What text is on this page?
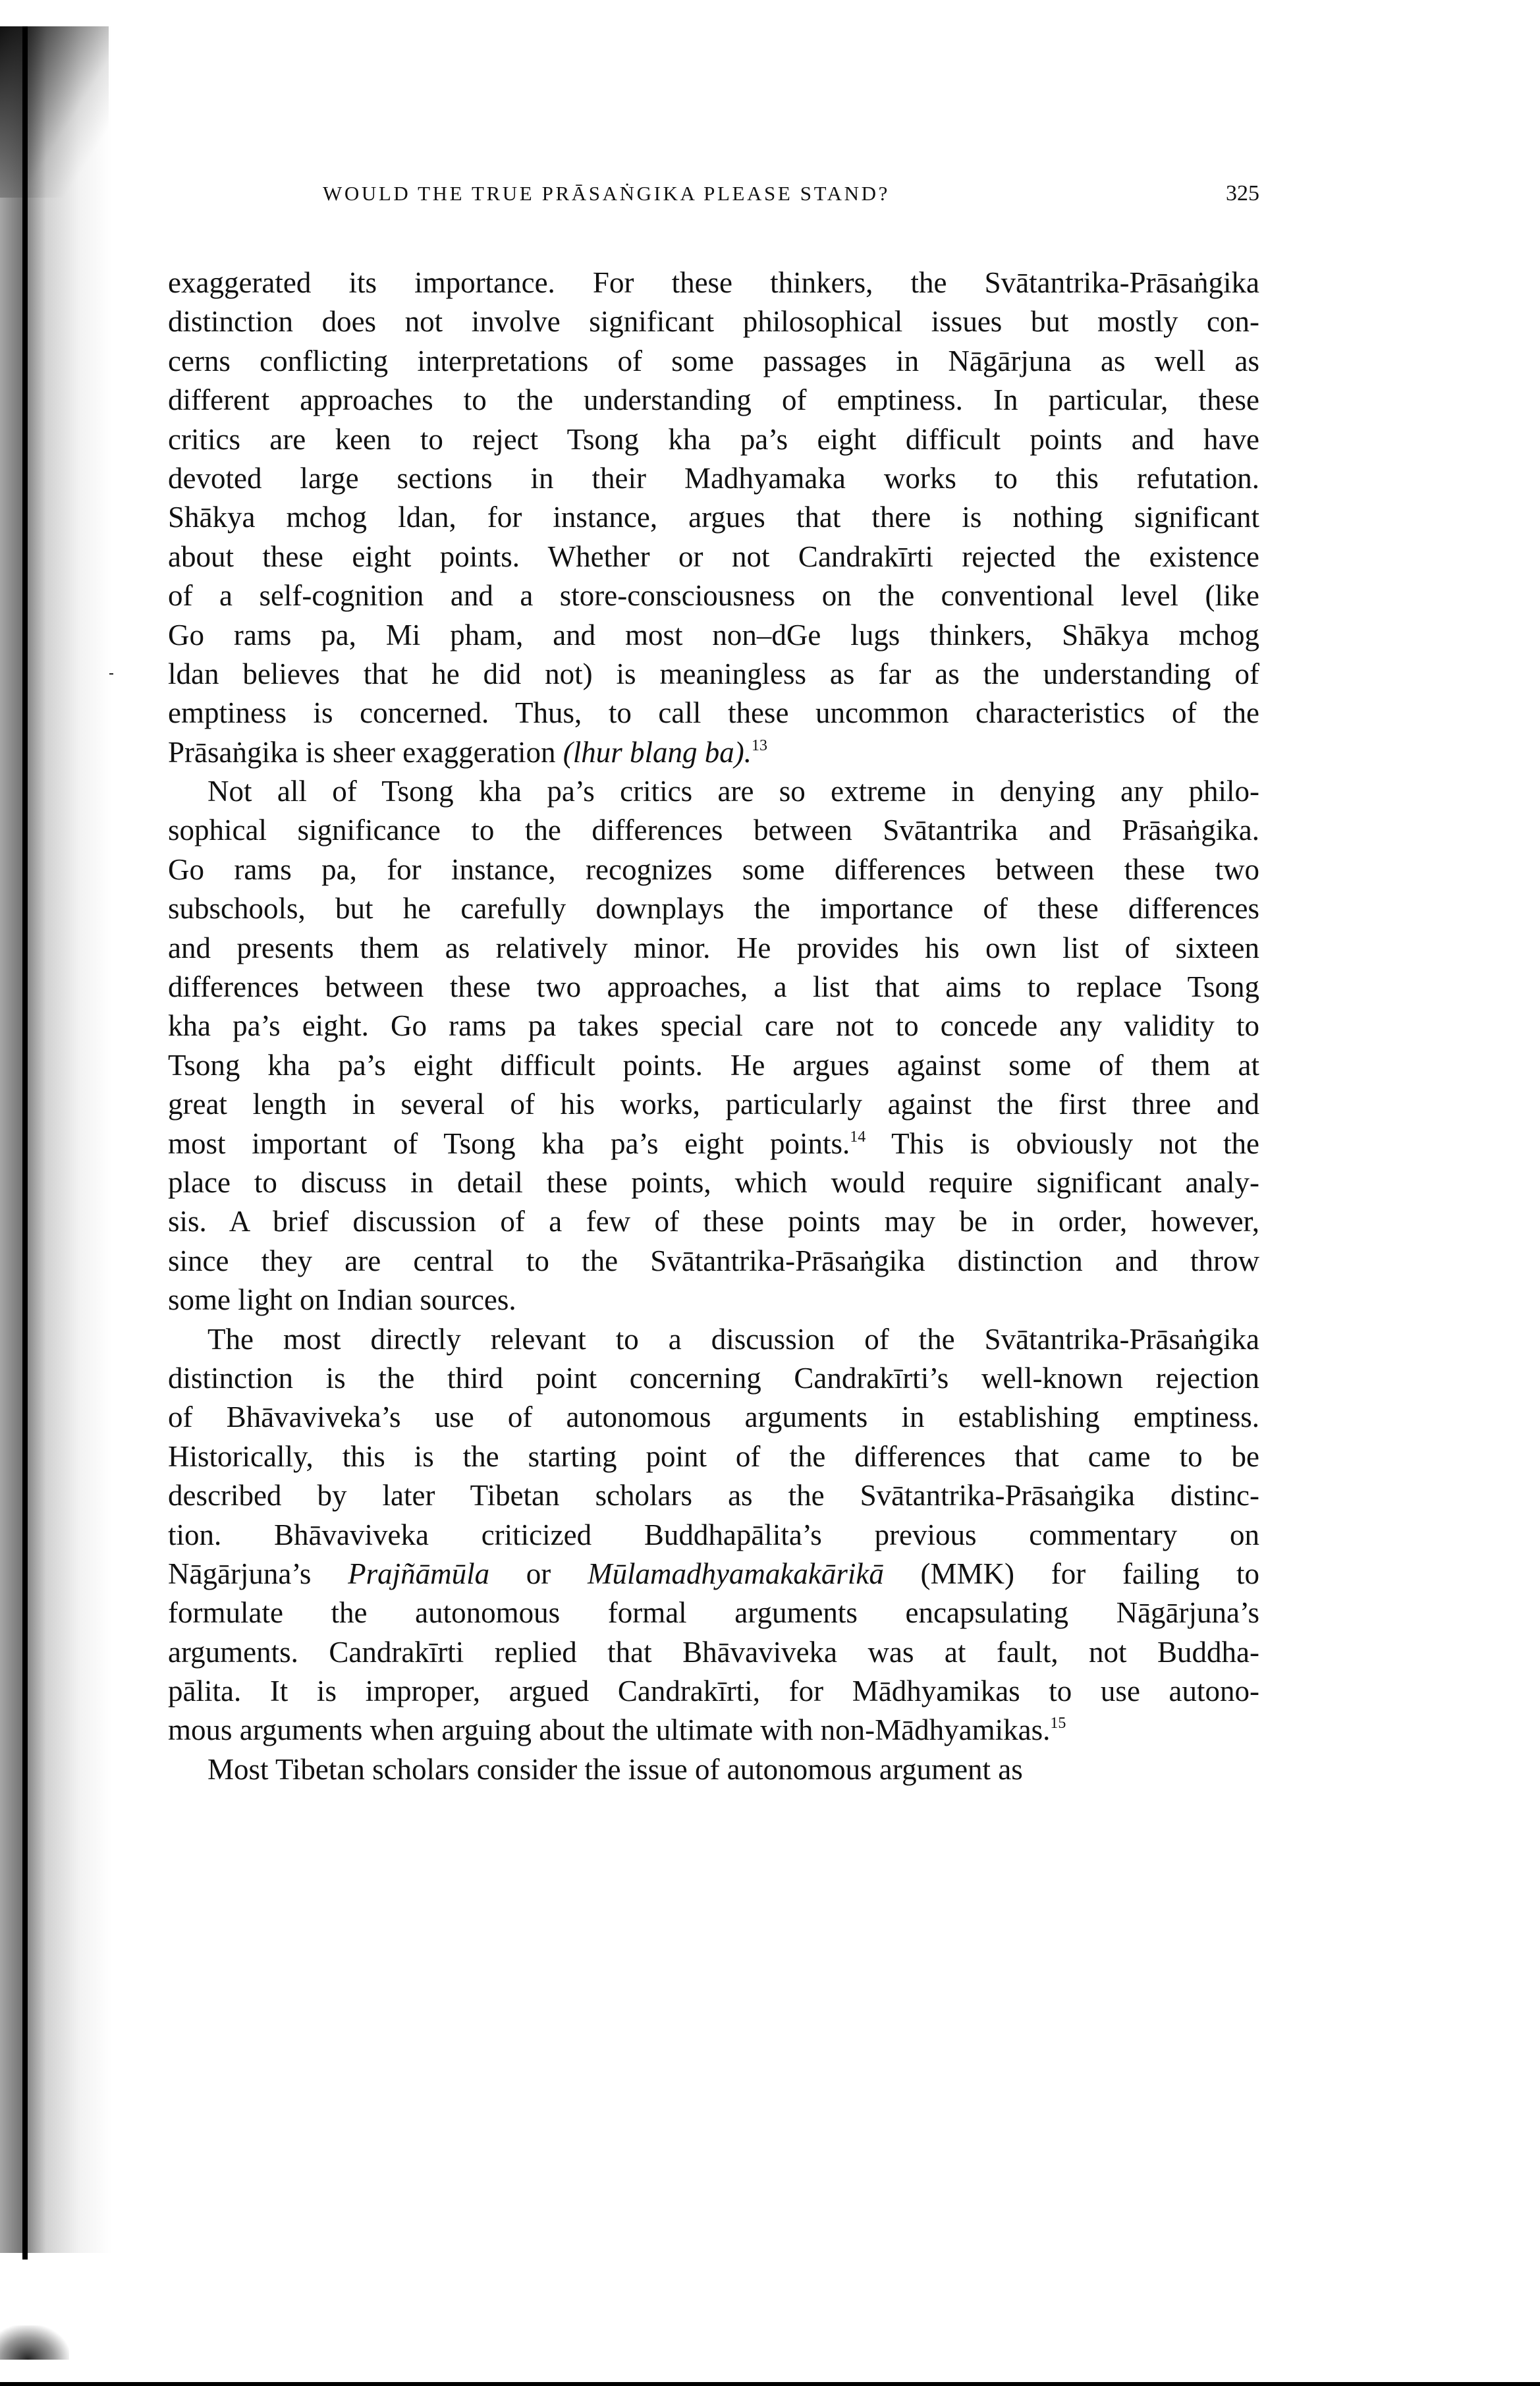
WOULD THE TRUE PRĀSAṄGIKA PLEASE STAND?	325
exaggerated its importance. For these thinkers, the Svātantrika-Prāsaṅgika
distinction does not involve significant philosophical issues but mostly con-
cerns conflicting interpretations of some passages in Nāgārjuna as well as
different approaches to the understanding of emptiness. In particular, these
critics are keen to reject Tsong kha pa’s eight difficult points and have
devoted large sections in their Madhyamaka works to this refutation.
Shākya mchog ldan, for instance, argues that there is nothing significant
about these eight points. Whether or not Candrakīrti rejected the existence
of a self-cognition and a store-consciousness on the conventional level (like
Go rams pa, Mi pham, and most non–dGe lugs thinkers, Shākya mchog
ldan believes that he did not) is meaningless as far as the understanding of
emptiness is concerned. Thus, to call these uncommon characteristics of the
Prāsaṅgika is sheer exaggeration (lhur blang ba).$^{13}$
Not all of Tsong kha pa’s critics are so extreme in denying any philo-
sophical significance to the differences between Svātantrika and Prāsaṅgika.
Go rams pa, for instance, recognizes some differences between these two
subschools, but he carefully downplays the importance of these differences
and presents them as relatively minor. He provides his own list of sixteen
differences between these two approaches, a list that aims to replace Tsong
kha pa’s eight. Go rams pa takes special care not to concede any validity to
Tsong kha pa’s eight difficult points. He argues against some of them at
great length in several of his works, particularly against the first three and
most important of Tsong kha pa’s eight points.$^{14}$ This is obviously not the
place to discuss in detail these points, which would require significant analy-
sis. A brief discussion of a few of these points may be in order, however,
since they are central to the Svātantrika-Prāsaṅgika distinction and throw
some light on Indian sources.
The most directly relevant to a discussion of the Svātantrika-Prāsaṅgika
distinction is the third point concerning Candrakīrti’s well-known rejection
of Bhāvaviveka’s use of autonomous arguments in establishing emptiness.
Historically, this is the starting point of the differences that came to be
described by later Tibetan scholars as the Svātantrika-Prāsaṅgika distinc-
tion. Bhāvaviveka criticized Buddhapālita’s previous commentary on
Nāgārjuna’s Prajñāmūla or Mūlamadhyamakakārikā (MMK) for failing to
formulate the autonomous formal arguments encapsulating Nāgārjuna’s
arguments. Candrakīrti replied that Bhāvaviveka was at fault, not Buddha-
pālita. It is improper, argued Candrakīrti, for Mādhyamikas to use autono-
mous arguments when arguing about the ultimate with non-Mādhyamikas.$^{15}$
Most Tibetan scholars consider the issue of autonomous argument as
